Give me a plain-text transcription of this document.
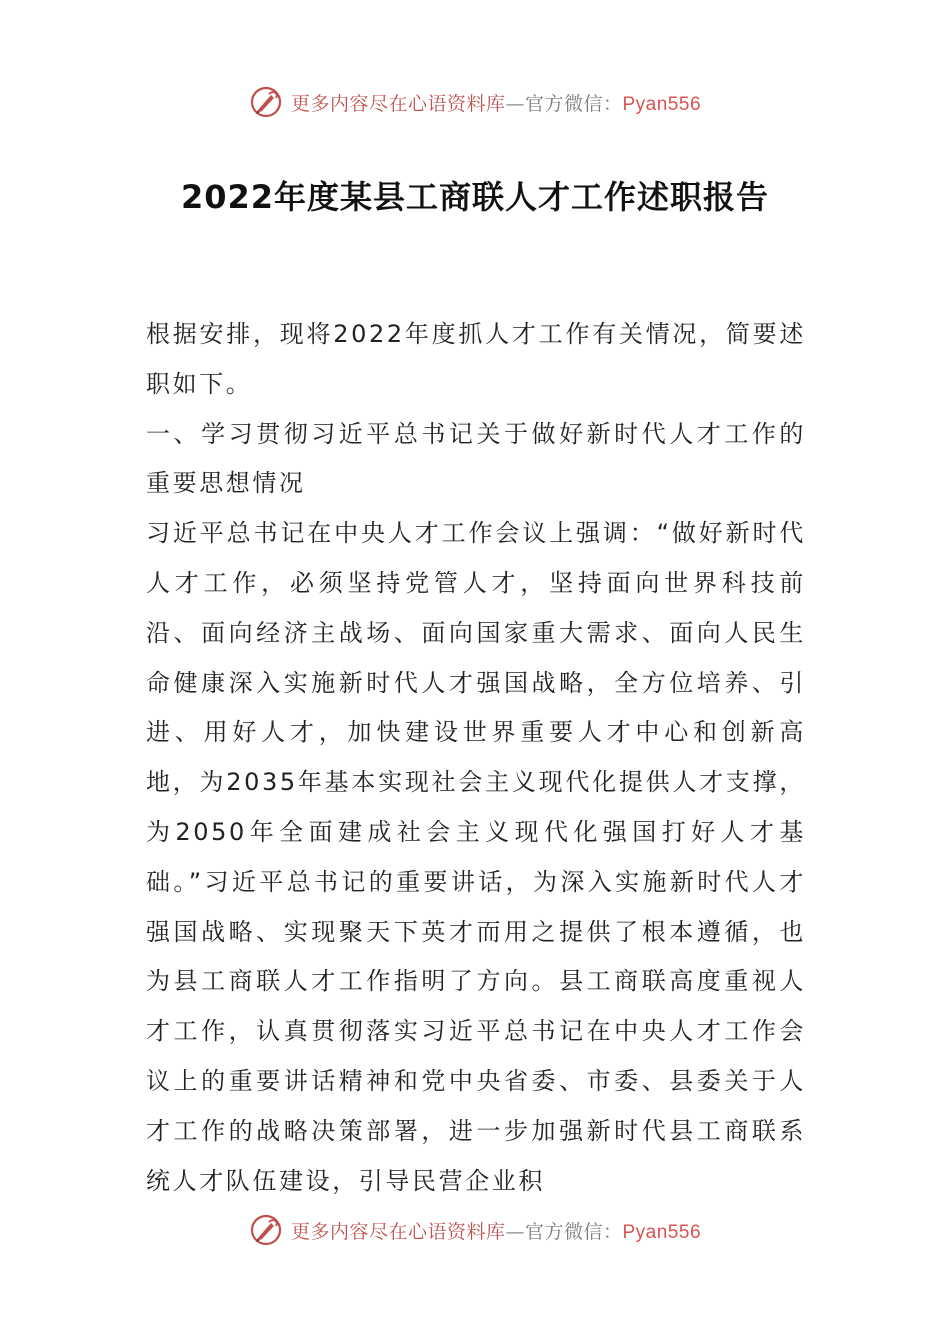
更多内容尽在心语资料库—官方微信：Pyan556
2022年度某县工商联人才工作述职报告

根据安排，现将2022年度抓人才工作有关情况，简要述职如下。

一、学习贯彻习近平总书记关于做好新时代人才工作的重要思想情况

习近平总书记在中央人才工作会议上强调：“做好新时代人才工作，必须坚持党管人才，坚持面向世界科技前沿、面向经济主战场、面向国家重大需求、面向人民生命健康深入实施新时代人才强国战略，全方位培养、引进、用好人才，加快建设世界重要人才中心和创新高地，为2035年基本实现社会主义现代化提供人才支撑，为2050年全面建成社会主义现代化强国打好人才基础。”习近平总书记的重要讲话，为深入实施新时代人才强国战略、实现聚天下英才而用之提供了根本遵循，也为县工商联人才工作指明了方向。县工商联高度重视人才工作，认真贯彻落实习近平总书记在中央人才工作会议上的重要讲话精神和党中央省委、市委、县委关于人才工作的战略决策部署，进一步加强新时代县工商联系统人才队伍建设，引导民营企业积

更多内容尽在心语资料库—官方微信：Pyan556
